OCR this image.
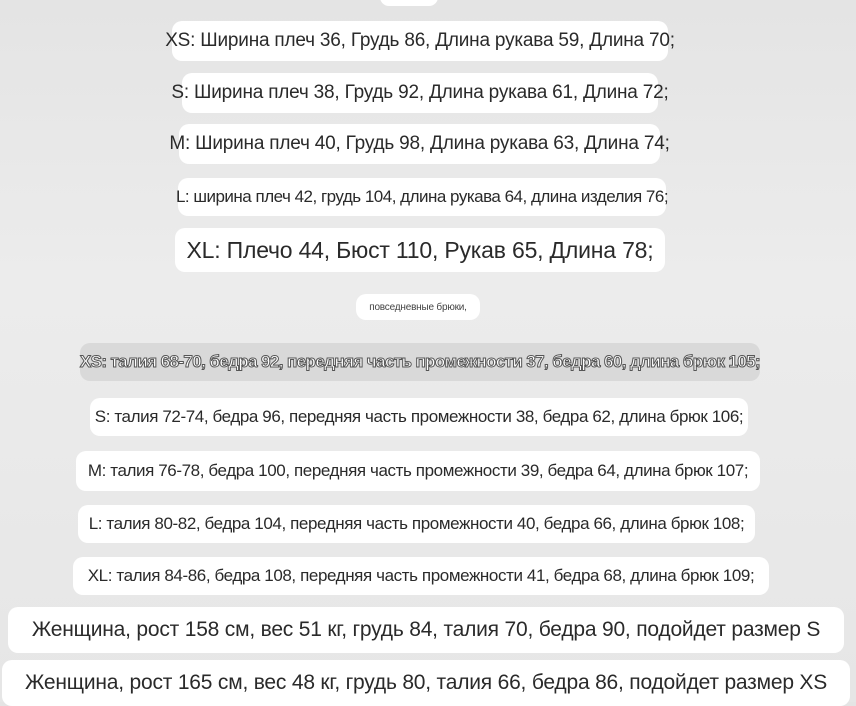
XS: Ширина плеч 36, Грудь 86, Длина рукава 59, Длина 70;
S: Ширина плеч 38, Грудь 92, Длина рукава 61, Длина 72;
M: Ширина плеч 40, Грудь 98, Длина рукава 63, Длина 74;
L: ширина плеч 42, грудь 104, длина рукава 64, длина изделия 76;
XL: Плечо 44, Бюст 110, Рукав 65, Длина 78;
повседневные брюки,
XS: талия 68-70, бедра 92, передняя часть промежности 37, бедра 60, длина брюк 105;
S: талия 72-74, бедра 96, передняя часть промежности 38, бедра 62, длина брюк 106;
M: талия 76-78, бедра 100, передняя часть промежности 39, бедра 64, длина брюк 107;
L: талия 80-82, бедра 104, передняя часть промежности 40, бедра 66, длина брюк 108;
XL: талия 84-86, бедра 108, передняя часть промежности 41, бедра 68, длина брюк 109;
Женщина, рост 158 см, вес 51 кг, грудь 84, талия 70, бедра 90, подойдет размер S
Женщина, рост 165 см, вес 48 кг, грудь 80, талия 66, бедра 86, подойдет размер XS
